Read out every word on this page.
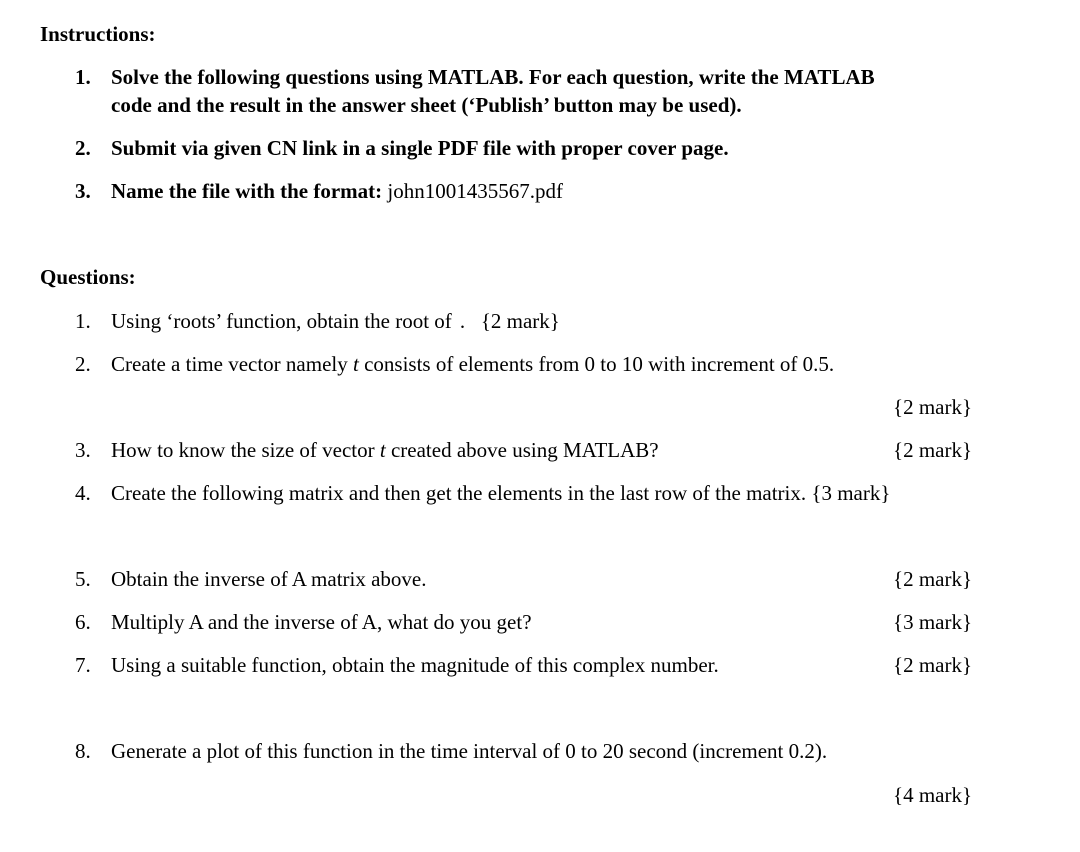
Instructions:
1. Solve the following questions using MATLAB. For each question, write the MATLAB
code and the result in the answer sheet (‘Publish’ button may be used).
2. Submit via given CN link in a single PDF file with proper cover page.
3. Name the file with the format: john1001435567.pdf
Questions:
1. Using ‘roots’ function, obtain the root of . {2 mark}
2. Create a time vector namely t consists of elements from 0 to 10 with increment of 0.5.
{2 mark}
3. How to know the size of vector t created above using MATLAB?	{2 mark}
4. Create the following matrix and then get the elements in the last row of the matrix. {3 mark}
5. Obtain the inverse of A matrix above.	{2 mark}
6. Multiply A and the inverse of A, what do you get?	{3 mark}
7. Using a suitable function, obtain the magnitude of this complex number.	{2 mark}
8. Generate a plot of this function in the time interval of 0 to 20 second (increment 0.2).
{4 mark}
